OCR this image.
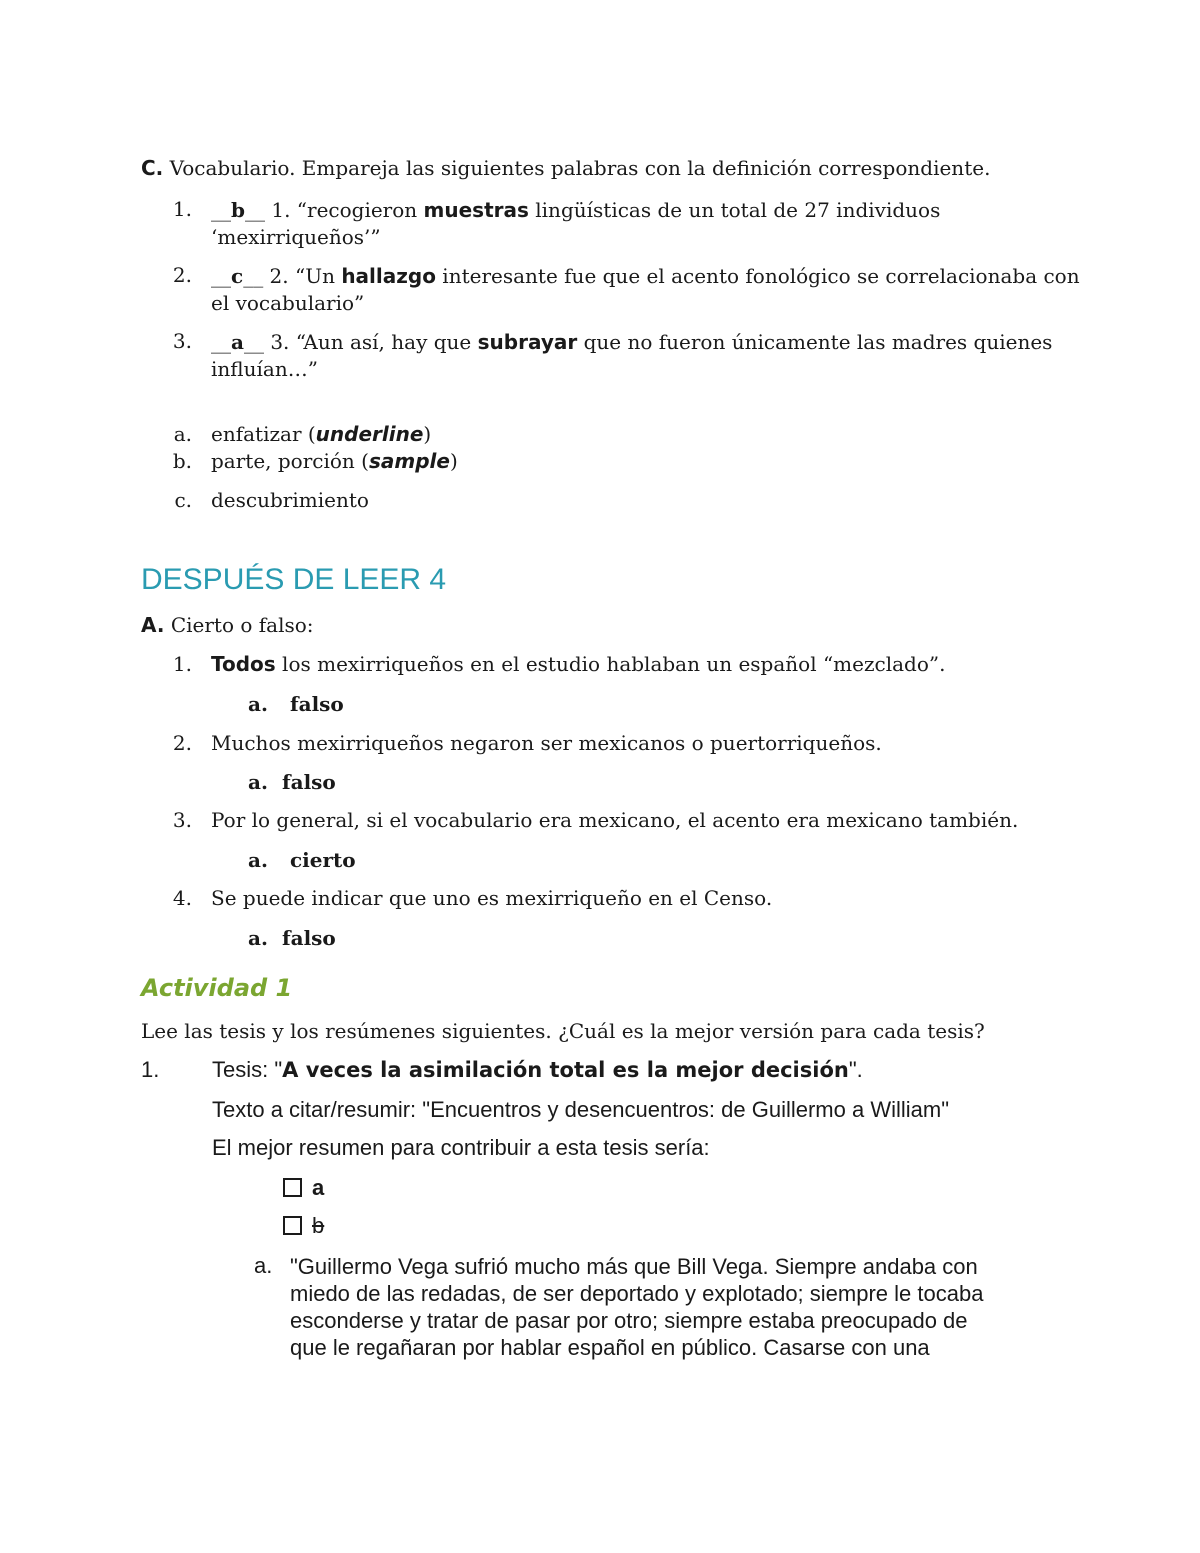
C. Vocabulario. Empareja las siguientes palabras con la definición correspondiente.
1. __b__ 1. “recogieron muestras lingüísticas de un total de 27 individuos
‘mexirriqueños’”
2. __c__ 2. “Un hallazgo interesante fue que el acento fonológico se correlacionaba con
el vocabulario”
3. __a__ 3. “Aun así, hay que subrayar que no fueron únicamente las madres quienes
influían…”
a. enfatizar (underline)
b. parte, porción (sample)
c. descubrimiento
DESPUÉS DE LEER 4
A. Cierto o falso:
1. Todos los mexirriqueños en el estudio hablaban un español “mezclado”.
a. falso
2. Muchos mexirriqueños negaron ser mexicanos o puertorriqueños.
a. falso
3. Por lo general, si el vocabulario era mexicano, el acento era mexicano también.
a. cierto
4. Se puede indicar que uno es mexirriqueño en el Censo.
a. falso
Actividad 1
Lee las tesis y los resúmenes siguientes. ¿Cuál es la mejor versión para cada tesis?
1. Tesis: "A veces la asimilación total es la mejor decisión".
Texto a citar/resumir: "Encuentros y desencuentros: de Guillermo a William"
El mejor resumen para contribuir a esta tesis sería:
a
b
a. "Guillermo Vega sufrió mucho más que Bill Vega. Siempre andaba con
miedo de las redadas, de ser deportado y explotado; siempre le tocaba
esconderse y tratar de pasar por otro; siempre estaba preocupado de
que le regañaran por hablar español en público. Casarse con una
